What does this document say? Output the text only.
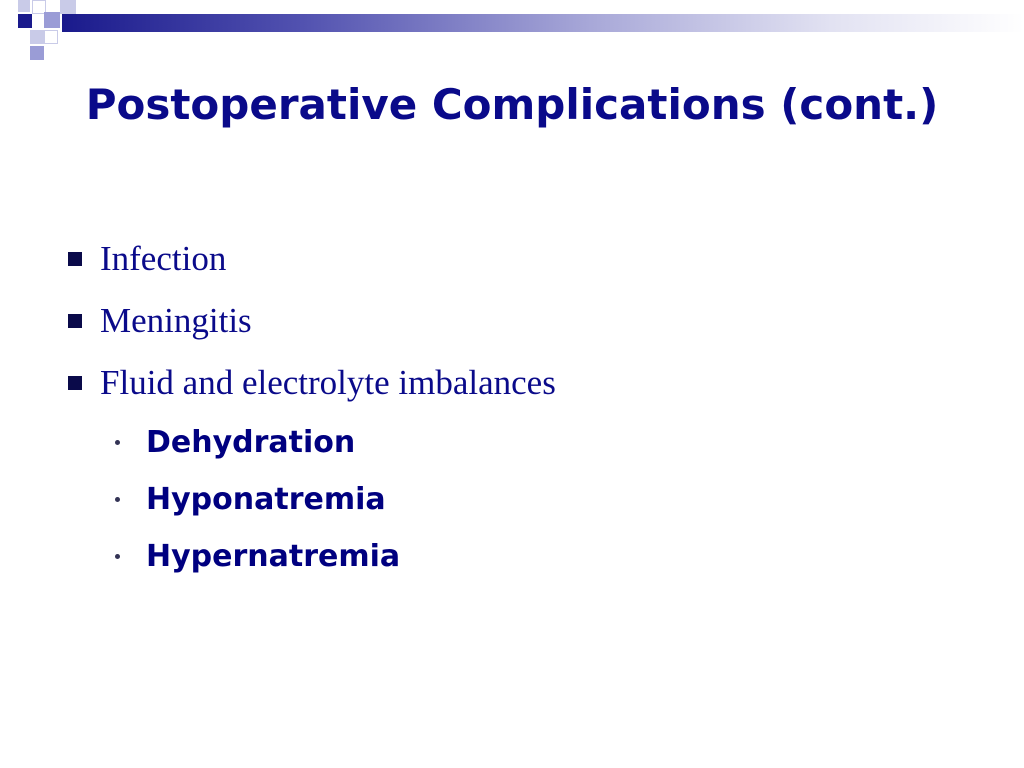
Postoperative Complications (cont.)
Infection
Meningitis
Fluid and electrolyte imbalances
Dehydration
Hyponatremia
Hypernatremia
